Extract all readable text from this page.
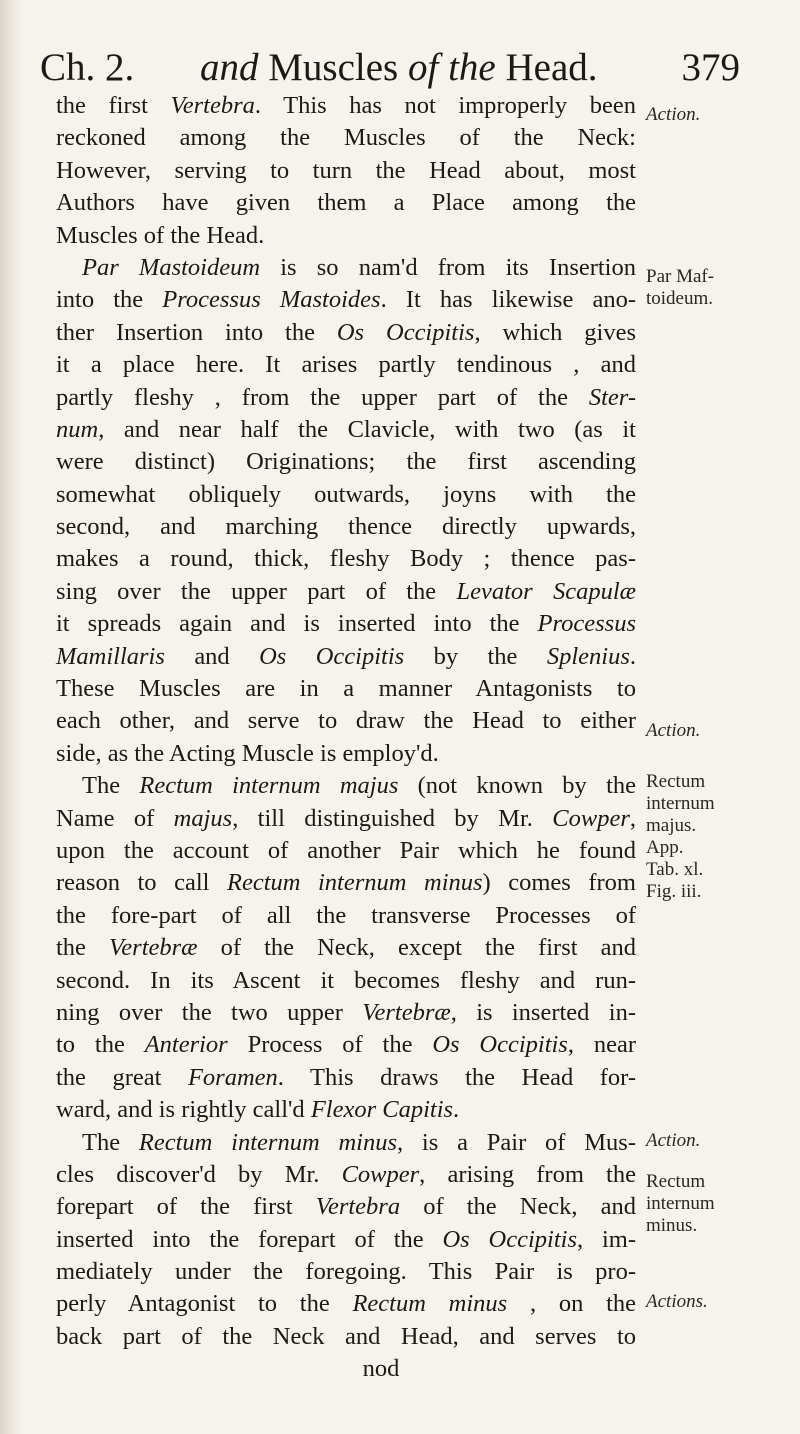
Ch. 2. and Muscles of the Head. 379
the first Vertebra. This has not improperly been
reckoned among the Muscles of the Neck:
However, serving to turn the Head about, most
Authors have given them a Place among the
Muscles of the Head.
Par Mastoideum is so nam'd from its Insertion
into the Processus Mastoides. It has likewise ano-
ther Insertion into the Os Occipitis, which gives
it a place here. It arises partly tendinous , and
partly fleshy , from the upper part of the Ster-
num, and near half the Clavicle, with two (as it
were distinct) Originations; the first ascending
somewhat obliquely outwards, joyns with the
second, and marching thence directly upwards,
makes a round, thick, fleshy Body ; thence pas-
sing over the upper part of the Levator Scapulæ
it spreads again and is inserted into the Processus
Mamillaris and Os Occipitis by the Splenius.
These Muscles are in a manner Antagonists to
each other, and serve to draw the Head to either
side, as the Acting Muscle is employ'd.
The Rectum internum majus (not known by the
Name of majus, till distinguished by Mr. Cowper,
upon the account of another Pair which he found
reason to call Rectum internum minus) comes from
the fore-part of all the transverse Processes of
the Vertebræ of the Neck, except the first and
second. In its Ascent it becomes fleshy and run-
ning over the two upper Vertebræ, is inserted in-
to the Anterior Process of the Os Occipitis, near
the great Foramen. This draws the Head for-
ward, and is rightly call'd Flexor Capitis.
The Rectum internum minus, is a Pair of Mus-
cles discover'd by Mr. Cowper, arising from the
forepart of the first Vertebra of the Neck, and
inserted into the forepart of the Os Occipitis, im-
mediately under the foregoing. This Pair is pro-
perly Antagonist to the Rectum minus , on the
back part of the Neck and Head, and serves to
nod
Action.
Par Maf-
toideum.
Action.
Rectum
internum
majus.
App.
Tab. xl.
Fig. iii.
Action.
Rectum
internum
minus.
Actions.
